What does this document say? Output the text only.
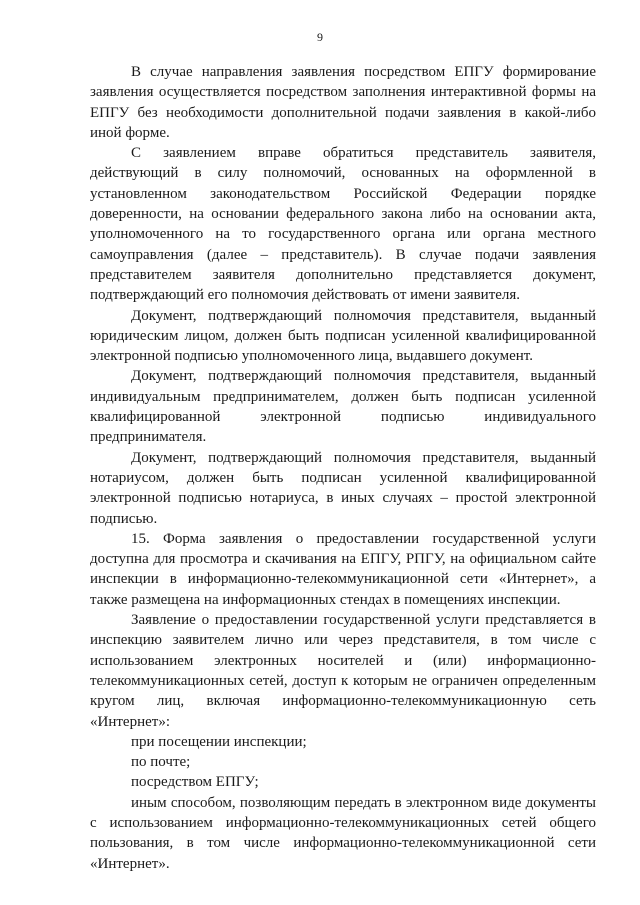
9

В случае направления заявления посредством ЕПГУ формирование заявления осуществляется посредством заполнения интерактивной формы на ЕПГУ без необходимости дополнительной подачи заявления в какой-либо иной форме.

С заявлением вправе обратиться представитель заявителя, действующий в силу полномочий, основанных на оформленной в установленном законодательством Российской Федерации порядке доверенности, на основании федерального закона либо на основании акта, уполномоченного на то государственного органа или органа местного самоуправления (далее – представитель). В случае подачи заявления представителем заявителя дополнительно представляется документ, подтверждающий его полномочия действовать от имени заявителя.

Документ, подтверждающий полномочия представителя, выданный юридическим лицом, должен быть подписан усиленной квалифицированной электронной подписью уполномоченного лица, выдавшего документ.

Документ, подтверждающий полномочия представителя, выданный индивидуальным предпринимателем, должен быть подписан усиленной квалифицированной электронной подписью индивидуального предпринимателя.

Документ, подтверждающий полномочия представителя, выданный нотариусом, должен быть подписан усиленной квалифицированной электронной подписью нотариуса, в иных случаях – простой электронной подписью.

15. Форма заявления о предоставлении государственной услуги доступна для просмотра и скачивания на ЕПГУ, РПГУ, на официальном сайте инспекции в информационно-телекоммуникационной сети «Интернет», а также размещена на информационных стендах в помещениях инспекции.

Заявление о предоставлении государственной услуги представляется в инспекцию заявителем лично или через представителя, в том числе с использованием электронных носителей и (или) информационно-телекоммуникационных сетей, доступ к которым не ограничен определенным кругом лиц, включая информационно-телекоммуникационную сеть «Интернет»:

при посещении инспекции;

по почте;

посредством ЕПГУ;

иным способом, позволяющим передать в электронном виде документы с использованием информационно-телекоммуникационных сетей общего пользования, в том числе информационно-телекоммуникационной сети «Интернет».
